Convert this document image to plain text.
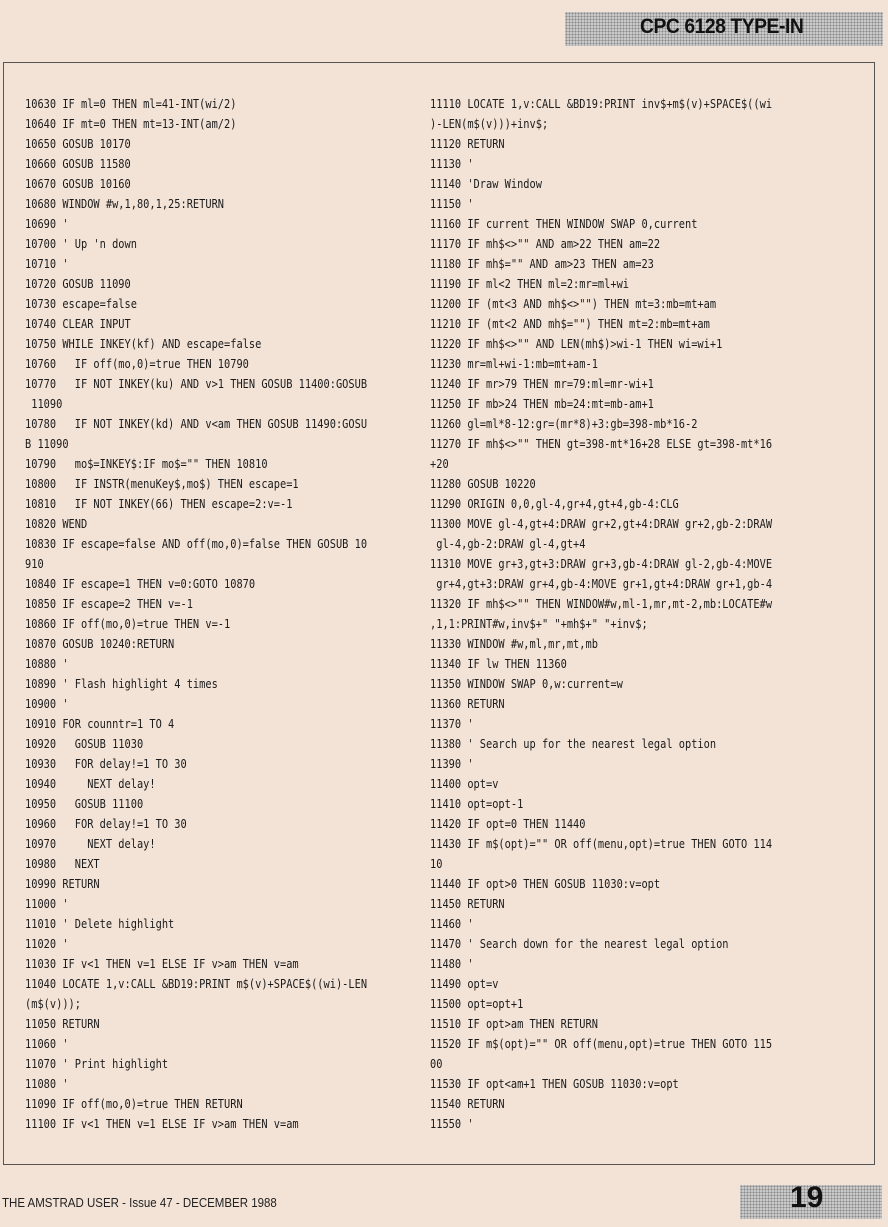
CPC 6128 TYPE-IN
10630 IF ml=0 THEN ml=41-INT(wi/2)
10640 IF mt=0 THEN mt=13-INT(am/2)
10650 GOSUB 10170
10660 GOSUB 11580
10670 GOSUB 10160
10680 WINDOW #w,1,80,1,25:RETURN
10690 '
10700 ' Up 'n down
10710 '
10720 GOSUB 11090
10730 escape=false
10740 CLEAR INPUT
10750 WHILE INKEY(kf) AND escape=false
10760   IF off(mo,0)=true THEN 10790
10770   IF NOT INKEY(ku) AND v>1 THEN GOSUB 11400:GOSUB
11090
10780   IF NOT INKEY(kd) AND v<am THEN GOSUB 11490:GOSU
B 11090
10790   mo$=INKEY$:IF mo$="" THEN 10810
10800   IF INSTR(menuKey$,mo$) THEN escape=1
10810   IF NOT INKEY(66) THEN escape=2:v=-1
10820 WEND
10830 IF escape=false AND off(mo,0)=false THEN GOSUB 10
910
10840 IF escape=1 THEN v=0:GOTO 10870
10850 IF escape=2 THEN v=-1
10860 IF off(mo,0)=true THEN v=-1
10870 GOSUB 10240:RETURN
10880 '
10890 ' Flash highlight 4 times
10900 '
10910 FOR counntr=1 TO 4
10920   GOSUB 11030
10930   FOR delay!=1 TO 30
10940     NEXT delay!
10950   GOSUB 11100
10960   FOR delay!=1 TO 30
10970     NEXT delay!
10980   NEXT
10990 RETURN
11000 '
11010 ' Delete highlight
11020 '
11030 IF v<1 THEN v=1 ELSE IF v>am THEN v=am
11040 LOCATE 1,v:CALL &BD19:PRINT m$(v)+SPACE$((wi)-LEN
(m$(v)));
11050 RETURN
11060 '
11070 ' Print highlight
11080 '
11090 IF off(mo,0)=true THEN RETURN
11100 IF v<1 THEN v=1 ELSE IF v>am THEN v=am
11110 LOCATE 1,v:CALL &BD19:PRINT inv$+m$(v)+SPACE$((wi
)-LEN(m$(v)))+inv$;
11120 RETURN
11130 '
11140 'Draw Window
11150 '
11160 IF current THEN WINDOW SWAP 0,current
11170 IF mh$<>"" AND am>22 THEN am=22
11180 IF mh$="" AND am>23 THEN am=23
11190 IF ml<2 THEN ml=2:mr=ml+wi
11200 IF (mt<3 AND mh$<>"") THEN mt=3:mb=mt+am
11210 IF (mt<2 AND mh$="") THEN mt=2:mb=mt+am
11220 IF mh$<>"" AND LEN(mh$)>wi-1 THEN wi=wi+1
11230 mr=ml+wi-1:mb=mt+am-1
11240 IF mr>79 THEN mr=79:ml=mr-wi+1
11250 IF mb>24 THEN mb=24:mt=mb-am+1
11260 gl=ml*8-12:gr=(mr*8)+3:gb=398-mb*16-2
11270 IF mh$<>"" THEN gt=398-mt*16+28 ELSE gt=398-mt*16
+20
11280 GOSUB 10220
11290 ORIGIN 0,0,gl-4,gr+4,gt+4,gb-4:CLG
11300 MOVE gl-4,gt+4:DRAW gr+2,gt+4:DRAW gr+2,gb-2:DRAW
gl-4,gb-2:DRAW gl-4,gt+4
11310 MOVE gr+3,gt+3:DRAW gr+3,gb-4:DRAW gl-2,gb-4:MOVE
gr+4,gt+3:DRAW gr+4,gb-4:MOVE gr+1,gt+4:DRAW gr+1,gb-4
11320 IF mh$<>"" THEN WINDOW#w,ml-1,mr,mt-2,mb:LOCATE#w
,1,1:PRINT#w,inv$+" "+mh$+" "+inv$;
11330 WINDOW #w,ml,mr,mt,mb
11340 IF lw THEN 11360
11350 WINDOW SWAP 0,w:current=w
11360 RETURN
11370 '
11380 ' Search up for the nearest legal option
11390 '
11400 opt=v
11410 opt=opt-1
11420 IF opt=0 THEN 11440
11430 IF m$(opt)="" OR off(menu,opt)=true THEN GOTO 114
10
11440 IF opt>0 THEN GOSUB 11030:v=opt
11450 RETURN
11460 '
11470 ' Search down for the nearest legal option
11480 '
11490 opt=v
11500 opt=opt+1
11510 IF opt>am THEN RETURN
11520 IF m$(opt)="" OR off(menu,opt)=true THEN GOTO 115
00
11530 IF opt<am+1 THEN GOSUB 11030:v=opt
11540 RETURN
11550 '
THE AMSTRAD USER - Issue 47 - DECEMBER 1988	19
